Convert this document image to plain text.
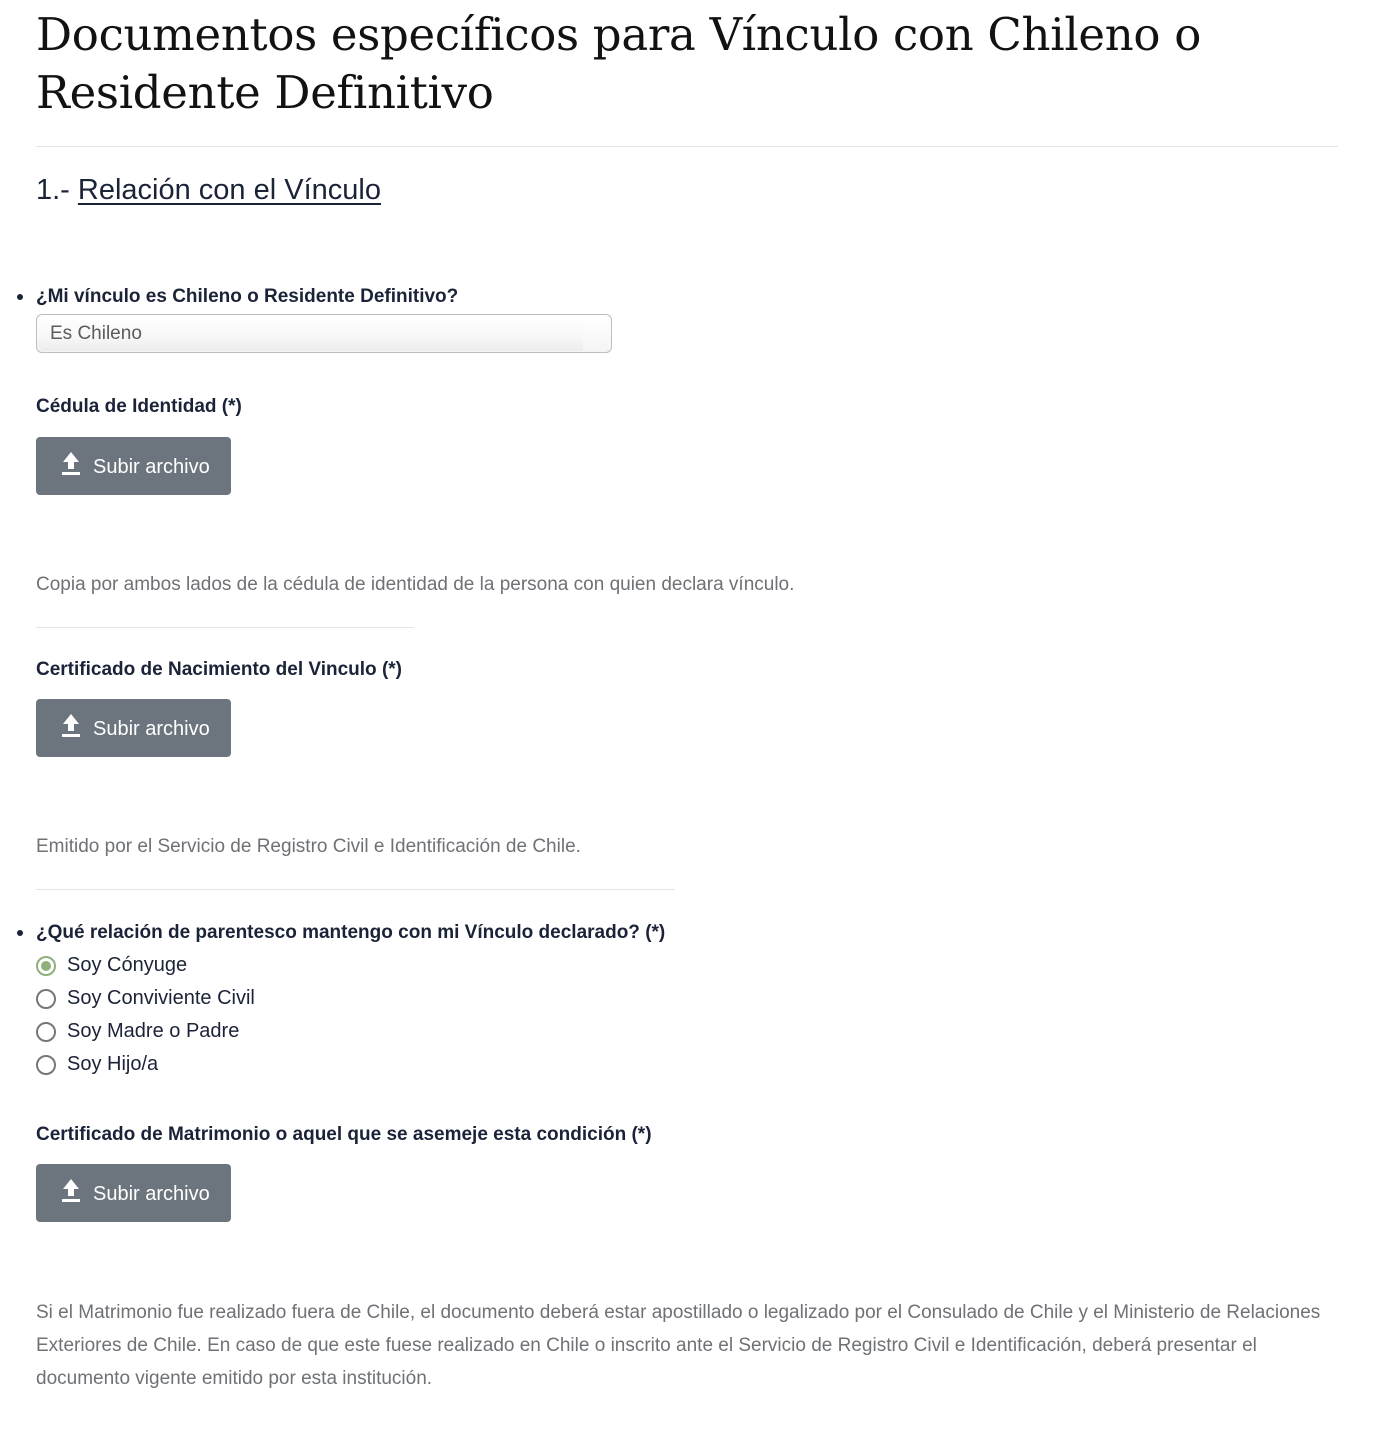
Documentos específicos para Vínculo con Chileno o Residente Definitivo
1.- Relación con el Vínculo
¿Mi vínculo es Chileno o Residente Definitivo?
Es Chileno
Cédula de Identidad (*)
Subir archivo
Copia por ambos lados de la cédula de identidad de la persona con quien declara vínculo.
Certificado de Nacimiento del Vinculo (*)
Subir archivo
Emitido por el Servicio de Registro Civil e Identificación de Chile.
¿Qué relación de parentesco mantengo con mi Vínculo declarado? (*)
Soy Cónyuge
Soy Conviviente Civil
Soy Madre o Padre
Soy Hijo/a
Certificado de Matrimonio o aquel que se asemeje esta condición (*)
Subir archivo
Si el Matrimonio fue realizado fuera de Chile, el documento deberá estar apostillado o legalizado por el Consulado de Chile y el Ministerio de Relaciones Exteriores de Chile. En caso de que este fuese realizado en Chile o inscrito ante el Servicio de Registro Civil e Identificación, deberá presentar el documento vigente emitido por esta institución.
